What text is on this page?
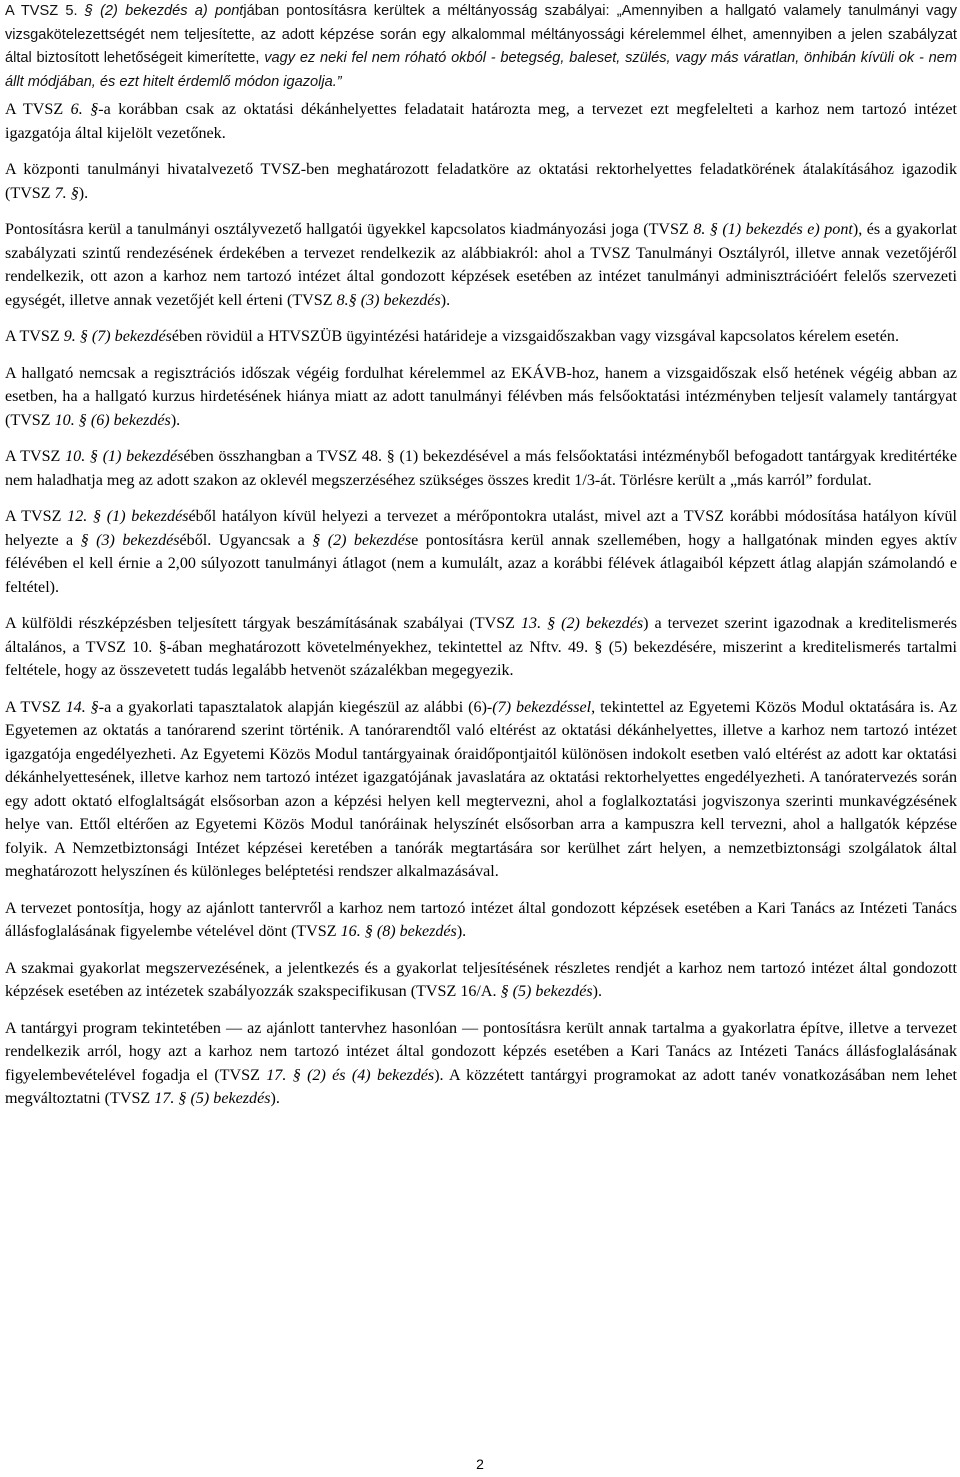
A TVSZ 5. § (2) bekezdés a) pontjában pontosításra kerültek a méltányosság szabályai: „Amennyiben a hallgató valamely tanulmányi vagy vizsgakötelezettségét nem teljesítette, az adott képzése során egy alkalommal méltányossági kérelemmel élhet, amennyiben a jelen szabályzat által biztosított lehetőségeit kimerítette, vagy ez neki fel nem róható okból - betegség, baleset, szülés, vagy más váratlan, önhibán kívüli ok - nem állt módjában, és ezt hitelt érdemlő módon igazolja.”

A TVSZ 6. §-a korábban csak az oktatási dékánhelyettes feladatait határozta meg, a tervezet ezt megfelelteti a karhoz nem tartozó intézet igazgatója által kijelölt vezetőnek.

A központi tanulmányi hivatalvezető TVSZ-ben meghatározott feladatköre az oktatási rektorhelyettes feladatkörének átalakításához igazodik (TVSZ 7. §).

Pontosításra kerül a tanulmányi osztályvezető hallgatói ügyekkel kapcsolatos kiadmányozási joga (TVSZ 8. § (1) bekezdés e) pont), és a gyakorlat szabályzati szintű rendezésének érdekében a tervezet rendelkezik az alábbiakról: ahol a TVSZ Tanulmányi Osztályról, illetve annak vezetőjéről rendelkezik, ott azon a karhoz nem tartozó intézet által gondozott képzések esetében az intézet tanulmányi adminisztrációért felelős szervezeti egységét, illetve annak vezetőjét kell érteni (TVSZ 8.§ (3) bekezdés).

A TVSZ 9. § (7) bekezdésében rövidül a HTVSZÜB ügyintézési határideje a vizsgaidőszakban vagy vizsgával kapcsolatos kérelem esetén.

A hallgató nemcsak a regisztrációs időszak végéig fordulhat kérelemmel az EKÁVB-hoz, hanem a vizsgaidőszak első hetének végéig abban az esetben, ha a hallgató kurzus hirdetésének hiánya miatt az adott tanulmányi félévben más felsőoktatási intézményben teljesít valamely tantárgyat (TVSZ 10. § (6) bekezdés).

A TVSZ 10. § (1) bekezdésében összhangban a TVSZ 48. § (1) bekezdésével a más felsőoktatási intézményből befogadott tantárgyak kreditértéke nem haladhatja meg az adott szakon az oklevél megszerzéséhez szükséges összes kredit 1/3-át. Törlésre került a „más karról” fordulat.

A TVSZ 12. § (1) bekezdéséből hatályon kívül helyezi a tervezet a mérőpontokra utalást, mivel azt a TVSZ korábbi módosítása hatályon kívül helyezte a § (3) bekezdéséből. Ugyancsak a § (2) bekezdése pontosításra kerül annak szellemében, hogy a hallgatónak minden egyes aktív félévében el kell érnie a 2,00 súlyozott tanulmányi átlagot (nem a kumulált, azaz a korábbi félévek átlagaiból képzett átlag alapján számolandó e feltétel).

A külföldi részképzésben teljesített tárgyak beszámításának szabályai (TVSZ 13. § (2) bekezdés) a tervezet szerint igazodnak a kreditelismerés általános, a TVSZ 10. §-ában meghatározott követelményekhez, tekintettel az Nftv. 49. § (5) bekezdésére, miszerint a kreditelismerés tartalmi feltétele, hogy az összevetett tudás legalább hetvenöt százalékban megegyezik.

A TVSZ 14. §-a a gyakorlati tapasztalatok alapján kiegészül az alábbi (6)-(7) bekezdéssel, tekintettel az Egyetemi Közös Modul oktatására is. Az Egyetemen az oktatás a tanórarend szerint történik. A tanórarendtől való eltérést az oktatási dékánhelyettes, illetve a karhoz nem tartozó intézet igazgatója engedélyezheti. Az Egyetemi Közös Modul tantárgyainak óraidőpontjaitól különösen indokolt esetben való eltérést az adott kar oktatási dékánhelyettesének, illetve karhoz nem tartozó intézet igazgatójának javaslatára az oktatási rektorhelyettes engedélyezheti. A tanóratervezés során egy adott oktató elfoglaltságát elsősorban azon a képzési helyen kell megtervezni, ahol a foglalkoztatási jogviszonya szerinti munkavégzésének helye van. Ettől eltérően az Egyetemi Közös Modul tanóráinak helyszínét elsősorban arra a kampuszra kell tervezni, ahol a hallgatók képzése folyik. A Nemzetbiztonsági Intézet képzései keretében a tanórák megtartására sor kerülhet zárt helyen, a nemzetbiztonsági szolgálatok által meghatározott helyszínen és különleges beléptetési rendszer alkalmazásával.

A tervezet pontosítja, hogy az ajánlott tantervről a karhoz nem tartozó intézet által gondozott képzések esetében a Kari Tanács az Intézeti Tanács állásfoglalásának figyelembe vételével dönt (TVSZ 16. § (8) bekezdés).

A szakmai gyakorlat megszervezésének, a jelentkezés és a gyakorlat teljesítésének részletes rendjét a karhoz nem tartozó intézet által gondozott képzések esetében az intézetek szabályozzák szakspecifikusan (TVSZ 16/A. § (5) bekezdés).

A tantárgyi program tekintetében — az ajánlott tantervhez hasonlóan — pontosításra került annak tartalma a gyakorlatra építve, illetve a tervezet rendelkezik arról, hogy azt a karhoz nem tartozó intézet által gondozott képzés esetében a Kari Tanács az Intézeti Tanács állásfoglalásának figyelembevételével fogadja el (TVSZ 17. § (2) és (4) bekezdés). A közzétett tantárgyi programokat az adott tanév vonatkozásában nem lehet megváltoztatni (TVSZ 17. § (5) bekezdés).

2
